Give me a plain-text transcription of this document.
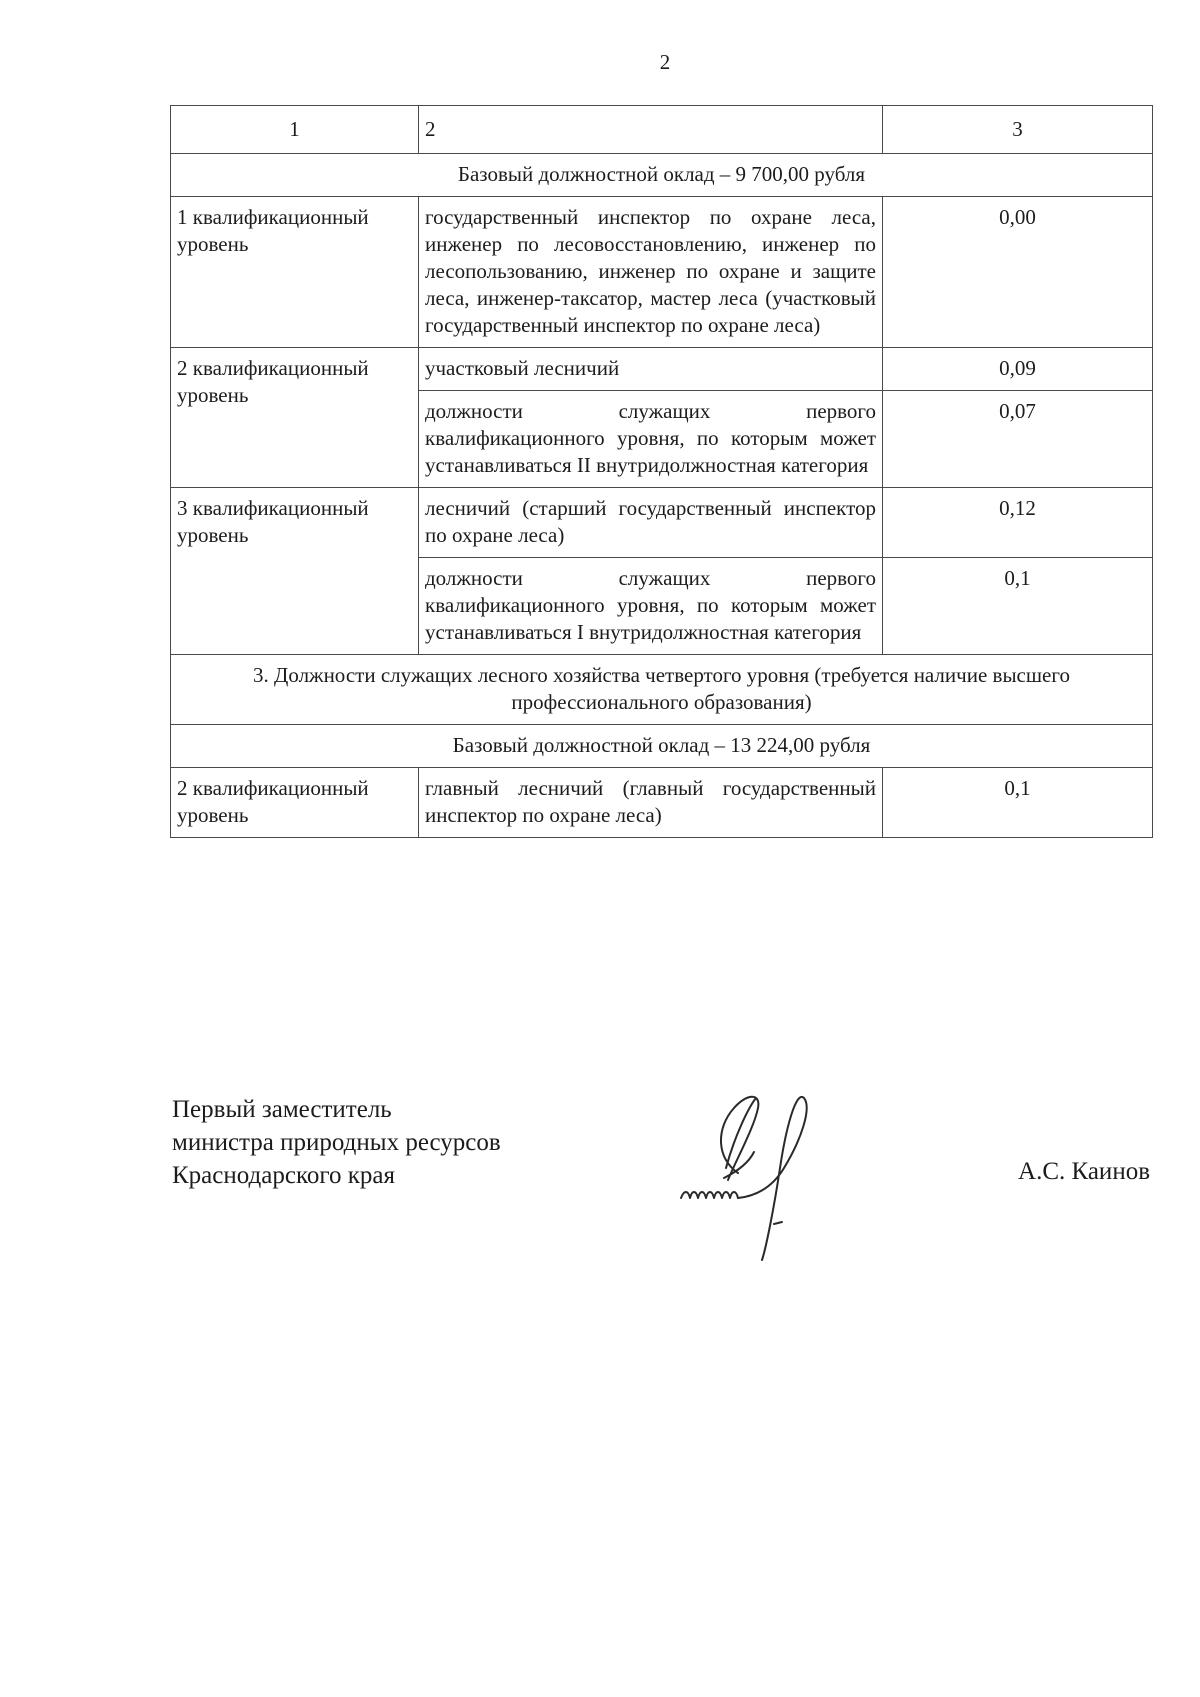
2
1	2	3
Базовый должностной оклад – 9 700,00 рубля		
1 квалификационный уровень	государственный инспектор по охране леса, инженер по лесовосстановлению, инженер по лесопользованию, инженер по охране и защите леса, инженер-таксатор, мастер леса (участковый государственный инспектор по охране леса)	0,00
2 квалификационный уровень	участковый лесничий	0,09
	должности служащих первого квалификационного уровня, по которым может устанавливаться II внутридолжностная категория	0,07
3 квалификационный уровень	лесничий (старший государственный инспектор по охране леса)	0,12
	должности служащих первого квалификационного уровня, по которым может устанавливаться I внутридолжностная категория	0,1
3. Должности служащих лесного хозяйства четвертого уровня (требуется наличие высшего профессионального образования)		
Базовый должностной оклад – 13 224,00 рубля		
2 квалификационный уровень	главный лесничий (главный государственный инспектор по охране леса)	0,1
Первый заместитель
министра природных ресурсов
Краснодарского края	А.С. Каинов
